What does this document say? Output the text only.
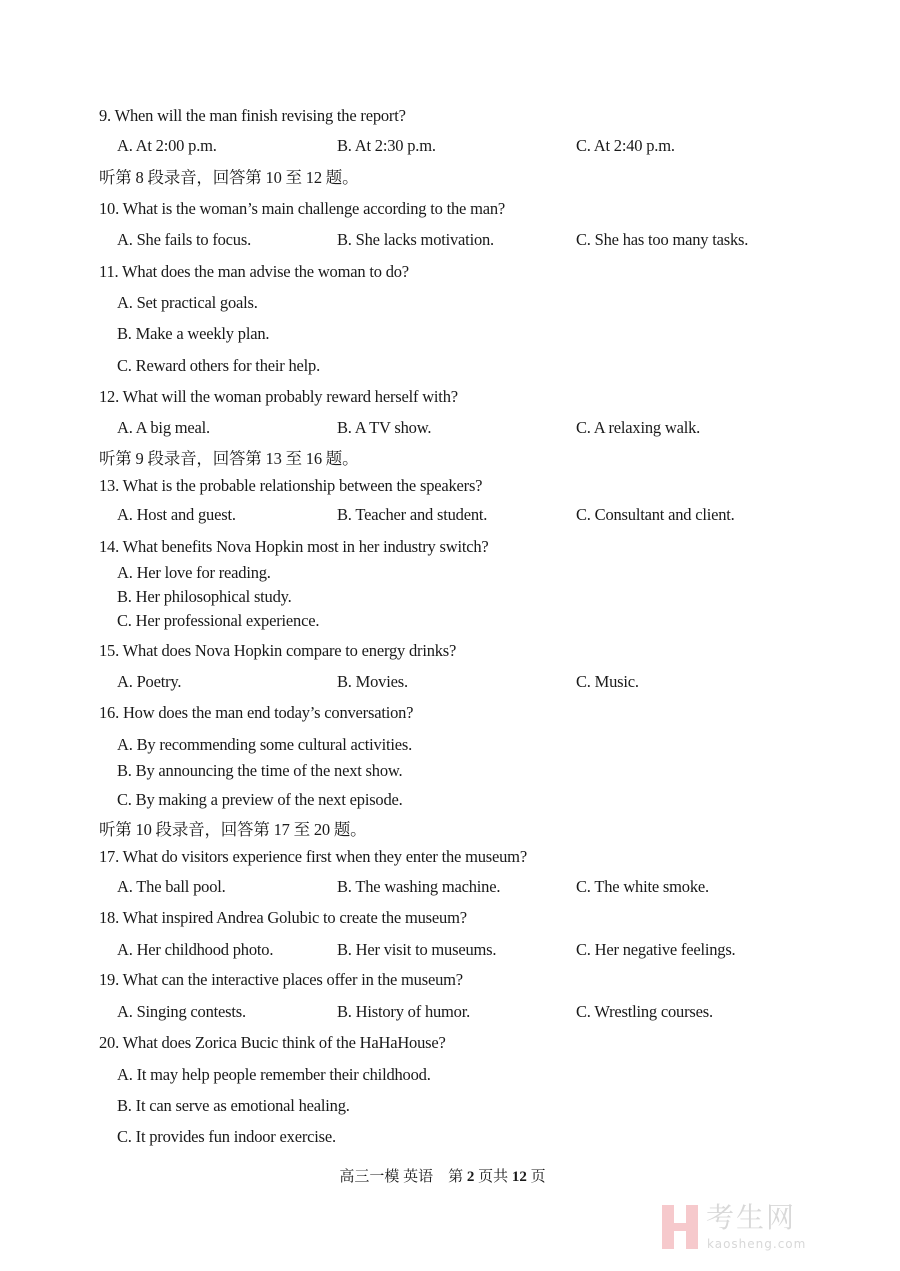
9. When will the man finish revising the report?
A. At 2:00 p.m.	B. At 2:30 p.m.	C. At 2:40 p.m.
听第 8 段录音，回答第 10 至 12 题。
10. What is the woman’s main challenge according to the man?
A. She fails to focus.	B. She lacks motivation.	C. She has too many tasks.
11. What does the man advise the woman to do?
A. Set practical goals.
B. Make a weekly plan.
C. Reward others for their help.
12. What will the woman probably reward herself with?
A. A big meal.	B. A TV show.	C. A relaxing walk.
听第 9 段录音，回答第 13 至 16 题。
13. What is the probable relationship between the speakers?
A. Host and guest.	B. Teacher and student.	C. Consultant and client.
14. What benefits Nova Hopkin most in her industry switch?
A. Her love for reading.
B. Her philosophical study.
C. Her professional experience.
15. What does Nova Hopkin compare to energy drinks?
A. Poetry.	B. Movies.	C. Music.
16. How does the man end today’s conversation?
A. By recommending some cultural activities.
B. By announcing the time of the next show.
C. By making a preview of the next episode.
听第 10 段录音，回答第 17 至 20 题。
17. What do visitors experience first when they enter the museum?
A. The ball pool.	B. The washing machine.	C. The white smoke.
18. What inspired Andrea Golubic to create the museum?
A. Her childhood photo.	B. Her visit to museums.	C. Her negative feelings.
19. What can the interactive places offer in the museum?
A. Singing contests.	B. History of humor.	C. Wrestling courses.
20. What does Zorica Bucic think of the HaHaHouse?
A. It may help people remember their childhood.
B. It can serve as emotional healing.
C. It provides fun indoor exercise.
高三一模 英语　第 2 页共 12 页
考生网
kaosheng.com
